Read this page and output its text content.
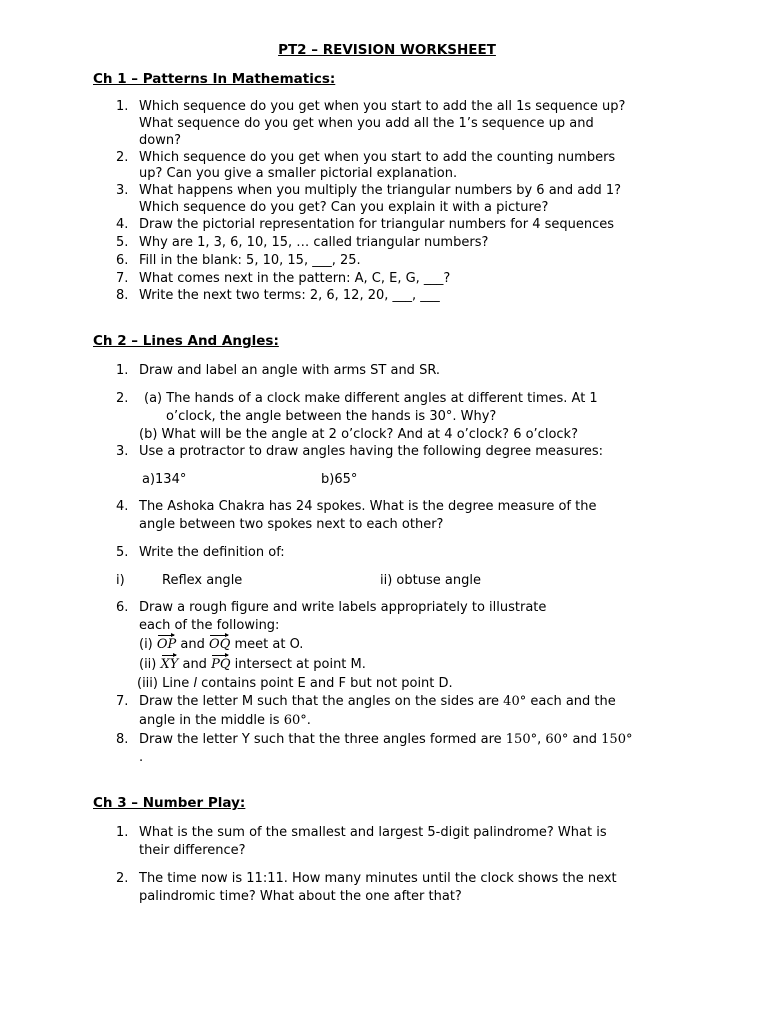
PT2 – REVISION WORKSHEET
Ch 1 – Patterns In Mathematics:
1. Which sequence do you get when you start to add the all 1s sequence up?
What sequence do you get when you add all the 1’s sequence up and
down?
2. Which sequence do you get when you start to add the counting numbers
up? Can you give a smaller pictorial explanation.
3. What happens when you multiply the triangular numbers by 6 and add 1?
Which sequence do you get? Can you explain it with a picture?
4. Draw the pictorial representation for triangular numbers for 4 sequences
5. Why are 1, 3, 6, 10, 15, … called triangular numbers?
6. Fill in the blank: 5, 10, 15, ___, 25.
7. What comes next in the pattern: A, C, E, G, ___?
8. Write the next two terms: 2, 6, 12, 20, ___, ___
Ch 2 – Lines And Angles:
1. Draw and label an angle with arms ST and SR.
2. (a) The hands of a clock make different angles at different times. At 1
o’clock, the angle between the hands is 30°. Why?
(b) What will be the angle at 2 o’clock? And at 4 o’clock? 6 o’clock?
3. Use a protractor to draw angles having the following degree measures:
a)134°	b)65°
4. The Ashoka Chakra has 24 spokes. What is the degree measure of the
angle between two spokes next to each other?
5. Write the definition of:
i)	Reflex angle	ii) obtuse angle
6. Draw a rough figure and write labels appropriately to illustrate
each of the following:
(i) OP and OQ meet at O.
(ii) XY and PQ intersect at point M.
(iii) Line l contains point E and F but not point D.
7. Draw the letter M such that the angles on the sides are 40° each and the
angle in the middle is 60°.
8. Draw the letter Y such that the three angles formed are 150°, 60° and 150°
.
Ch 3 – Number Play:
1. What is the sum of the smallest and largest 5-digit palindrome? What is
their difference?
2. The time now is 11:11. How many minutes until the clock shows the next
palindromic time? What about the one after that?
